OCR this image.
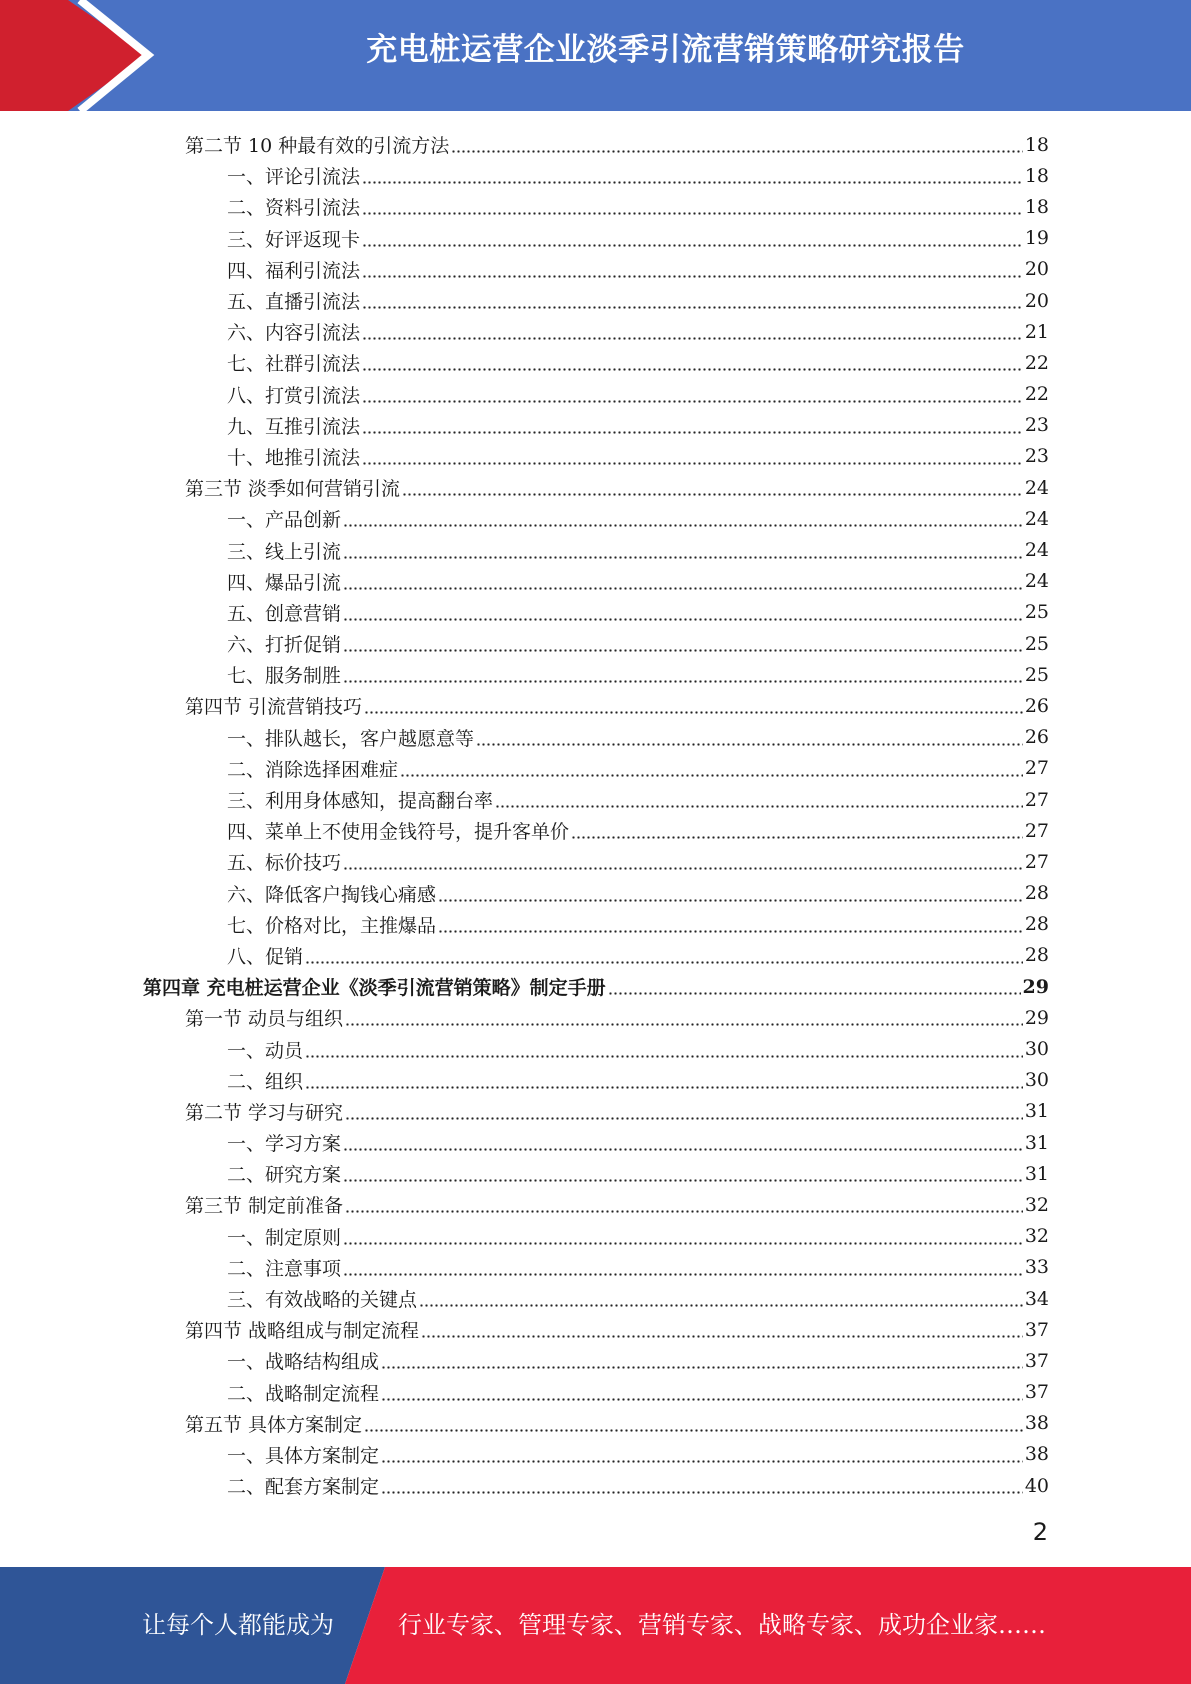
充电桩运营企业淡季引流营销策略研究报告
第二节 10 种最有效的引流方法	18
一、评论引流法	18
二、资料引流法	18
三、好评返现卡	19
四、福利引流法	20
五、直播引流法	20
六、内容引流法	21
七、社群引流法	22
八、打赏引流法	22
九、互推引流法	23
十、地推引流法	23
第三节 淡季如何营销引流	24
一、产品创新	24
三、线上引流	24
四、爆品引流	24
五、创意营销	25
六、打折促销	25
七、服务制胜	25
第四节 引流营销技巧	26
一、排队越长，客户越愿意等	26
二、消除选择困难症	27
三、利用身体感知，提高翻台率	27
四、菜单上不使用金钱符号，提升客单价	27
五、标价技巧	27
六、降低客户掏钱心痛感	28
七、价格对比，主推爆品	28
八、促销	28
第四章 充电桩运营企业《淡季引流营销策略》制定手册	29
第一节 动员与组织	29
一、动员	30
二、组织	30
第二节 学习与研究	31
一、学习方案	31
二、研究方案	31
第三节 制定前准备	32
一、制定原则	32
二、注意事项	33
三、有效战略的关键点	34
第四节 战略组成与制定流程	37
一、战略结构组成	37
二、战略制定流程	37
第五节 具体方案制定	38
一、具体方案制定	38
二、配套方案制定	40
2
让每个人都能成为	行业专家、管理专家、营销专家、战略专家、成功企业家……
